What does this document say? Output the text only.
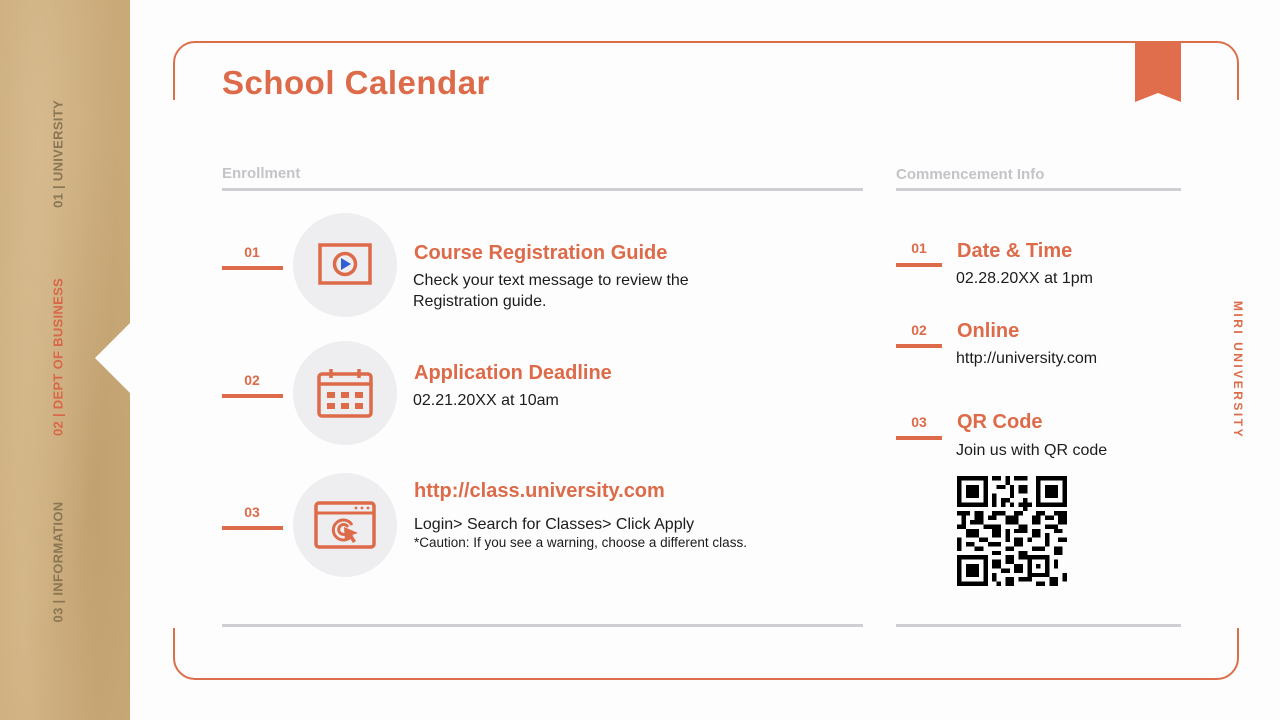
01 | UNIVERSITY
02 | DEPT OF BUSINESS
03 | INFORMATION
School Calendar
Enrollment
01	Course Registration Guide
Check your text message to review the
Registration guide.
02	Application Deadline
02.21.20XX at 10am
03
http://class.university.com
Login> Search for Classes> Click Apply
*Caution: If you see a warning, choose a different class.
Commencement Info
01	Date & Time
02.28.20XX at 1pm
02	Online
http://university.com
03	QR Code
Join us with QR code
MIRI UNIVERSITY
